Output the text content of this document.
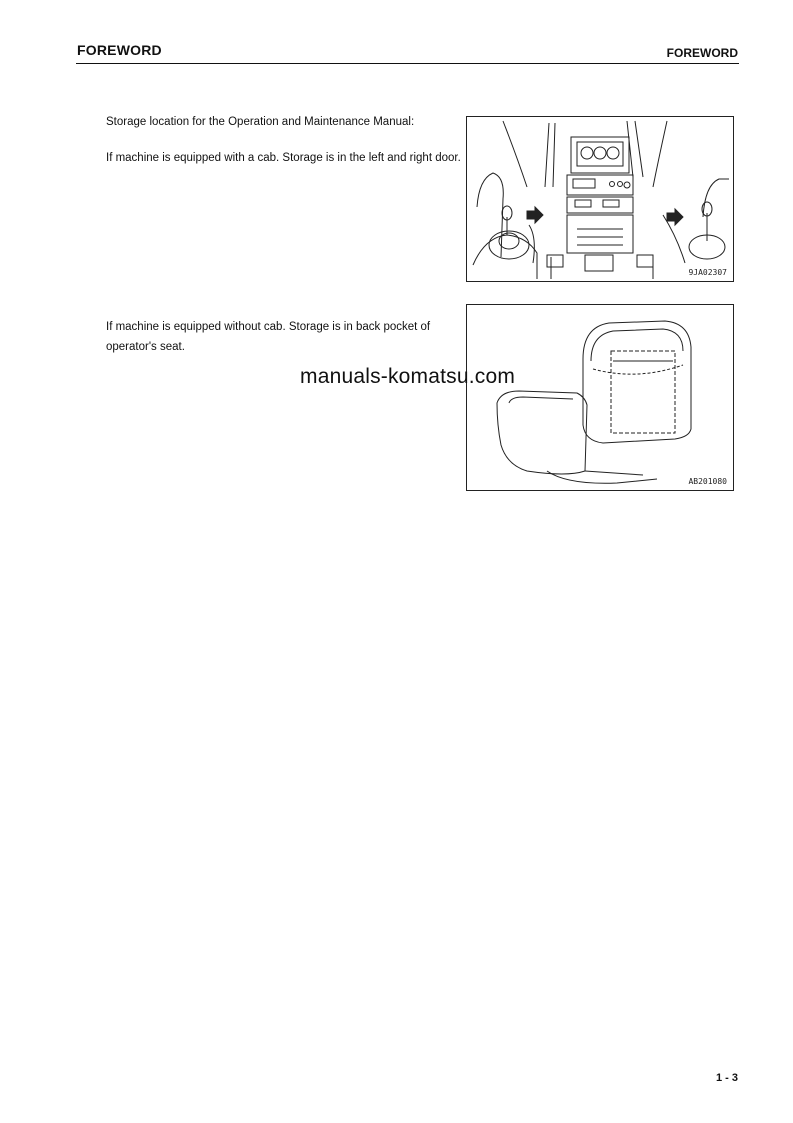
FOREWORD	FOREWORD

Storage location for the Operation and Maintenance Manual:

If machine is equipped with a cab. Storage is in the left and right door.

9JA02307

If machine is equipped without cab. Storage is in back pocket of operator's seat.

AB201080
manuals-komatsu.com
1 - 3
